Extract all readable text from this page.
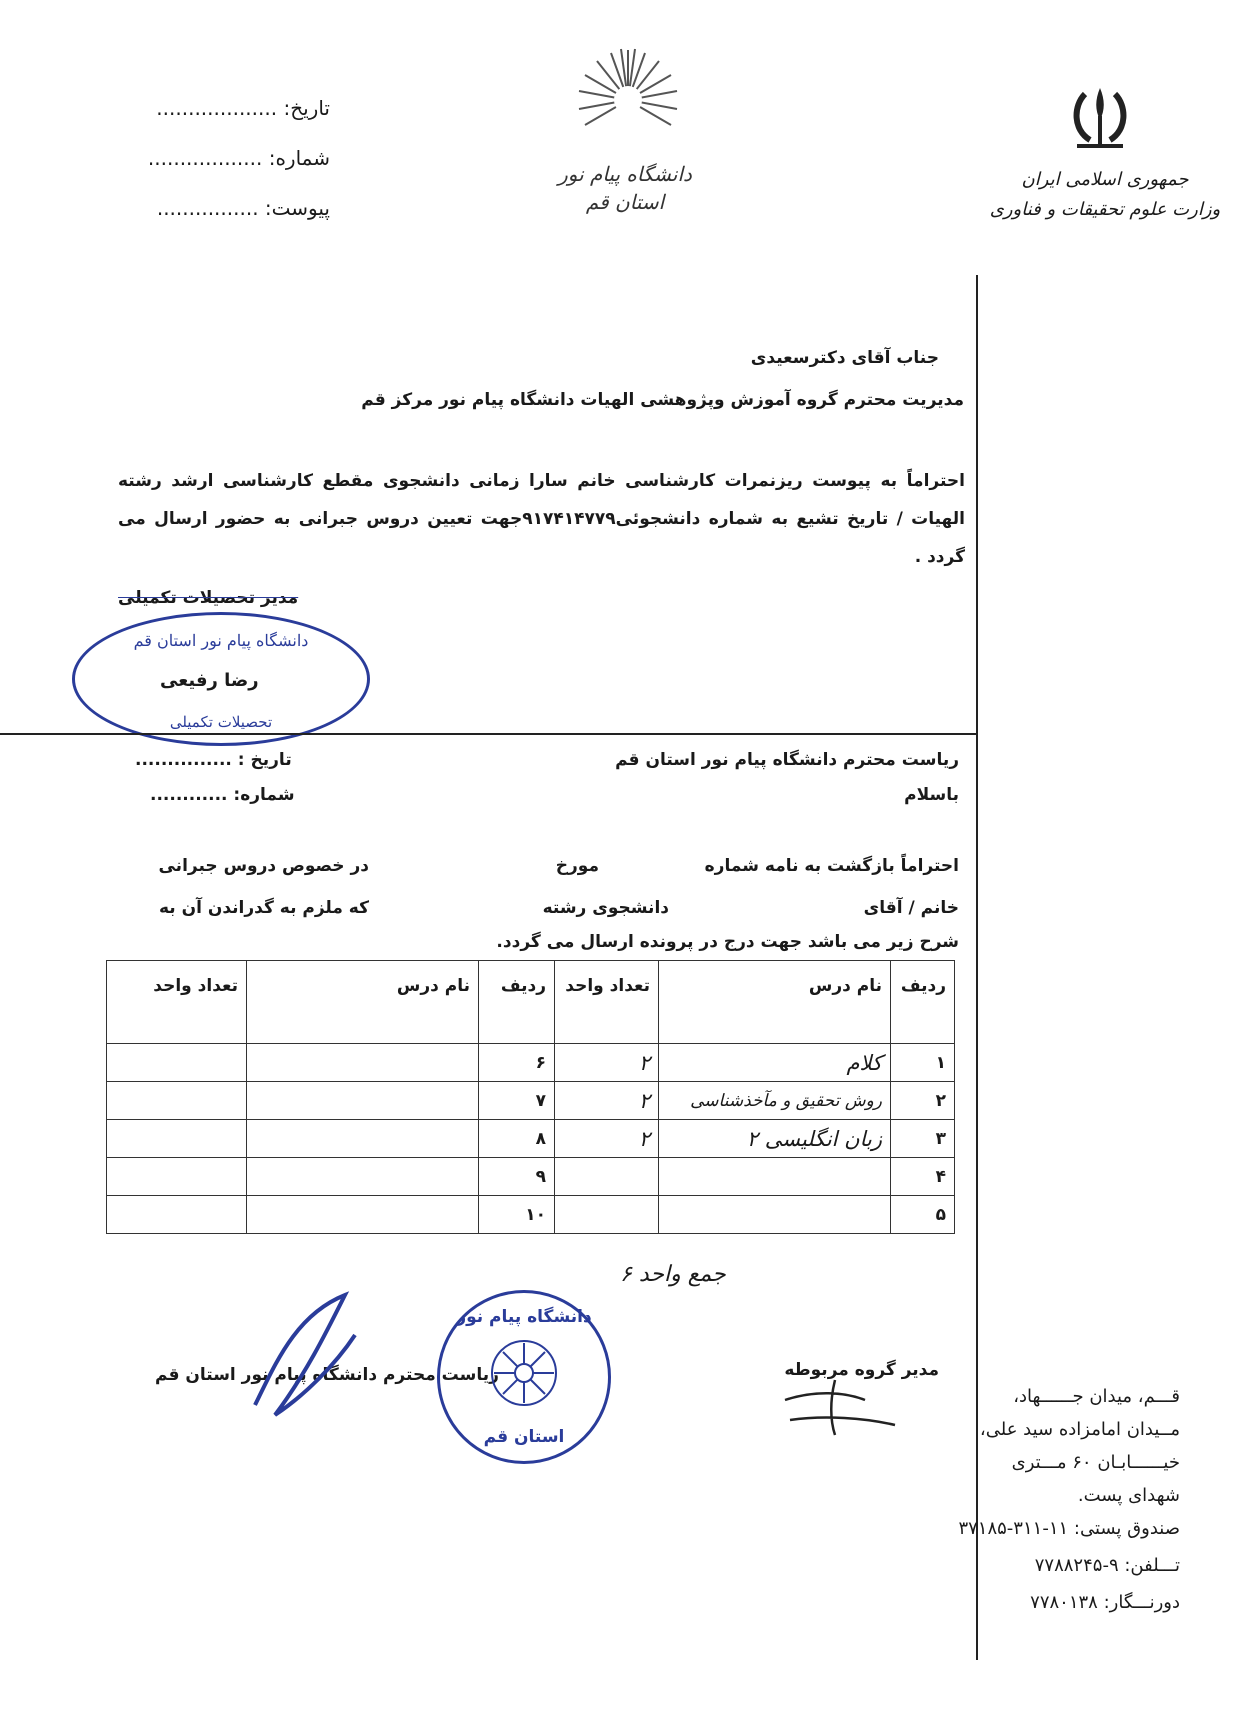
تاریخ: ...................
شماره: ..................
پیوست: ................
دانشگاه پیام نور
استان قم
جمهوری اسلامی ایران
وزارت علوم تحقیقات و فناوری
جناب آقای دکترسعیدی
مدیریت محترم گروه آموزش وپژوهشی الهیات دانشگاه پیام نور مرکز قم
احتراماً به پیوست ریزنمرات کارشناسی خانم سارا زمانی دانشجوی مقطع کارشناسی ارشد رشته الهیات / تاریخ تشیع به شماره دانشجوئی۹۱۷۴۱۴۷۷۹جهت تعیین دروس جبرانی به حضور ارسال می گردد .
مدیر تحصیلات تکمیلی
دانشگاه پیام نور استان قم
تحصیلات تکمیلی
رضا رفیعی
ریاست محترم دانشگاه پیام نور استان قم
باسلام
تاریخ : ...............
شماره: ............
احتراماً بازگشت به نامه شماره
مورخ
در خصوص دروس جبرانی
خانم / آقای
دانشجوی رشته
که ملزم به گدراندن آن به
شرح زیر می باشد جهت درج در پرونده ارسال می گردد.
ردیف	نام درس	تعداد واحد	ردیف	نام درس	تعداد واحد
۱	کلام	۲	۶		
۲	روش تحقیق و مآخذشناسی	۲	۷		
۳	زبان انگلیسی ۲	۲	۸		
۴			۹		
۵			۱۰		
جمع واحد ۶
ریاست محترم دانشگاه پیام نور استان قم
دانشگاه پیام نور
استان قم
مدیر گروه مربوطه
قـــم، میدان جــــــهاد،
مــیدان امامزاده سید علی،
خیــــــابـان ۶۰ مـــتری
شهدای پست.
صندوق پستی: ۱۱-۳۱۱-۳۷۱۸۵
تـــلفن: ۹-۷۷۸۸۲۴۵
دورنـــگار: ۷۷۸۰۱۳۸
